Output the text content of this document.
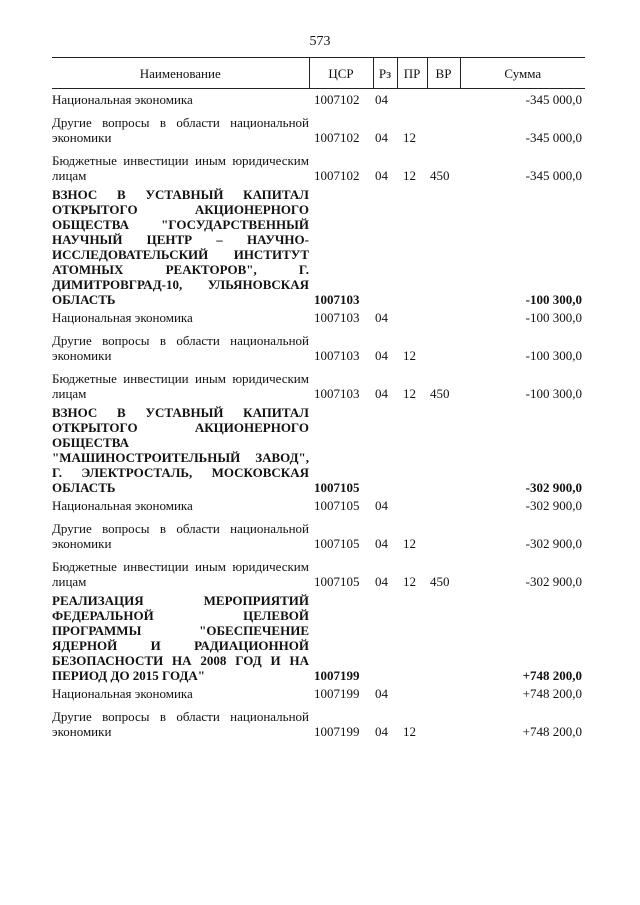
573
Наименование	ЦСР	Рз	ПР	ВР	Сумма
Национальная экономика	1007102	04			-345 000,0
Другие вопросы в области национальной экономики	1007102	04	12		-345 000,0
Бюджетные инвестиции иным юридическим лицам	1007102	04	12	450	-345 000,0
ВЗНОС В УСТАВНЫЙ КАПИТАЛ ОТКРЫТОГО АКЦИОНЕРНОГО ОБЩЕСТВА "ГОСУДАРСТВЕННЫЙ НАУЧНЫЙ ЦЕНТР – НАУЧНО-ИССЛЕДОВАТЕЛЬСКИЙ ИНСТИТУТ АТОМНЫХ РЕАКТОРОВ", Г. ДИМИТРОВГРАД-10, УЛЬЯНОВСКАЯ ОБЛАСТЬ	1007103				-100 300,0
Национальная экономика	1007103	04			-100 300,0
Другие вопросы в области национальной экономики	1007103	04	12		-100 300,0
Бюджетные инвестиции иным юридическим лицам	1007103	04	12	450	-100 300,0
ВЗНОС В УСТАВНЫЙ КАПИТАЛ ОТКРЫТОГО АКЦИОНЕРНОГО ОБЩЕСТВА "МАШИНОСТРОИТЕЛЬНЫЙ ЗАВОД", Г. ЭЛЕКТРОСТАЛЬ, МОСКОВСКАЯ ОБЛАСТЬ	1007105				-302 900,0
Национальная экономика	1007105	04			-302 900,0
Другие вопросы в области национальной экономики	1007105	04	12		-302 900,0
Бюджетные инвестиции иным юридическим лицам	1007105	04	12	450	-302 900,0
РЕАЛИЗАЦИЯ МЕРОПРИЯТИЙ ФЕДЕРАЛЬНОЙ ЦЕЛЕВОЙ ПРОГРАММЫ "ОБЕСПЕЧЕНИЕ ЯДЕРНОЙ И РАДИАЦИОННОЙ БЕЗОПАСНОСТИ НА 2008 ГОД И НА ПЕРИОД ДО 2015 ГОДА"	1007199				+748 200,0
Национальная экономика	1007199	04			+748 200,0
Другие вопросы в области национальной экономики	1007199	04	12		+748 200,0
